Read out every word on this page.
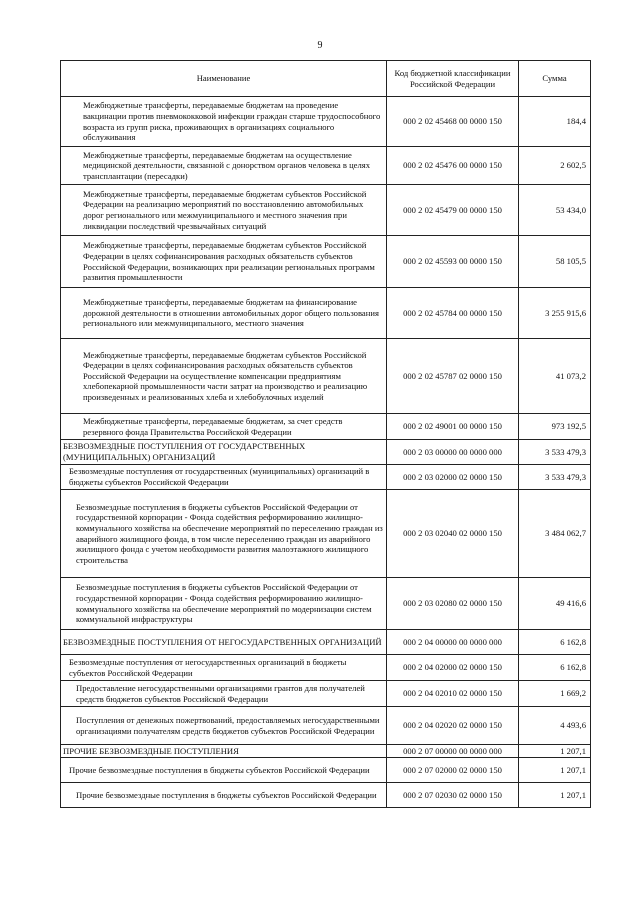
9
Наименование	Код бюджетной классификации Российской Федерации	Сумма
Межбюджетные трансферты, передаваемые бюджетам на проведение вакцинации против пневмококковой инфекции граждан старше трудоспособного возраста из групп риска, проживающих в организациях социального обслуживания	000 2 02 45468 00 0000 150	184,4
Межбюджетные трансферты, передаваемые бюджетам на осуществление медицинской деятельности, связанной с донорством органов человека в целях трансплантации (пересадки)	000 2 02 45476 00 0000 150	2 602,5
Межбюджетные трансферты, передаваемые бюджетам субъектов Российской Федерации на реализацию мероприятий по восстановлению автомобильных дорог регионального или межмуниципального и местного значения при ликвидации последствий чрезвычайных ситуаций	000 2 02 45479 00 0000 150	53 434,0
Межбюджетные трансферты, передаваемые бюджетам субъектов Российской Федерации в целях софинансирования расходных обязательств субъектов Российской Федерации, возникающих при реализации региональных программ развития промышленности	000 2 02 45593 00 0000 150	58 105,5
Межбюджетные трансферты, передаваемые бюджетам на финансирование дорожной деятельности в отношении автомобильных дорог общего пользования регионального или межмуниципального, местного значения	000 2 02 45784 00 0000 150	3 255 915,6
Межбюджетные трансферты, передаваемые бюджетам субъектов Российской Федерации в целях софинансирования расходных обязательств субъектов Российской Федерации на осуществление компенсации предприятиям хлебопекарной промышленности части затрат на производство и реализацию произведенных и реализованных хлеба и хлебобулочных изделий	000 2 02 45787 02 0000 150	41 073,2
Межбюджетные трансферты, передаваемые бюджетам, за счет средств резервного фонда Правительства Российской Федерации	000 2 02 49001 00 0000 150	973 192,5
БЕЗВОЗМЕЗДНЫЕ ПОСТУПЛЕНИЯ ОТ ГОСУДАРСТВЕННЫХ (МУНИЦИПАЛЬНЫХ) ОРГАНИЗАЦИЙ	000 2 03 00000 00 0000 000	3 533 479,3
Безвозмездные поступления от государственных (муниципальных) организаций в бюджеты субъектов Российской Федерации	000 2 03 02000 02 0000 150	3 533 479,3
Безвозмездные поступления в бюджеты субъектов Российской Федерации от государственной корпорации - Фонда содействия реформированию жилищно-коммунального хозяйства на обеспечение мероприятий по переселению граждан из аварийного жилищного фонда, в том числе переселению граждан из аварийного жилищного фонда с учетом необходимости развития малоэтажного жилищного строительства	000 2 03 02040 02 0000 150	3 484 062,7
Безвозмездные поступления в бюджеты субъектов Российской Федерации от государственной корпорации - Фонда содействия реформированию жилищно-коммунального хозяйства на обеспечение мероприятий по модернизации систем коммунальной инфраструктуры	000 2 03 02080 02 0000 150	49 416,6
БЕЗВОЗМЕЗДНЫЕ ПОСТУПЛЕНИЯ ОТ НЕГОСУДАРСТВЕННЫХ ОРГАНИЗАЦИЙ	000 2 04 00000 00 0000 000	6 162,8
Безвозмездные поступления от негосударственных организаций в бюджеты субъектов Российской Федерации	000 2 04 02000 02 0000 150	6 162,8
Предоставление негосударственными организациями грантов для получателей средств бюджетов субъектов Российской Федерации	000 2 04 02010 02 0000 150	1 669,2
Поступления от денежных пожертвований, предоставляемых негосударственными организациями получателям средств бюджетов субъектов Российской Федерации	000 2 04 02020 02 0000 150	4 493,6
ПРОЧИЕ БЕЗВОЗМЕЗДНЫЕ ПОСТУПЛЕНИЯ	000 2 07 00000 00 0000 000	1 207,1
Прочие безвозмездные поступления в бюджеты субъектов Российской Федерации	000 2 07 02000 02 0000 150	1 207,1
Прочие безвозмездные поступления в бюджеты субъектов Российской Федерации	000 2 07 02030 02 0000 150	1 207,1
